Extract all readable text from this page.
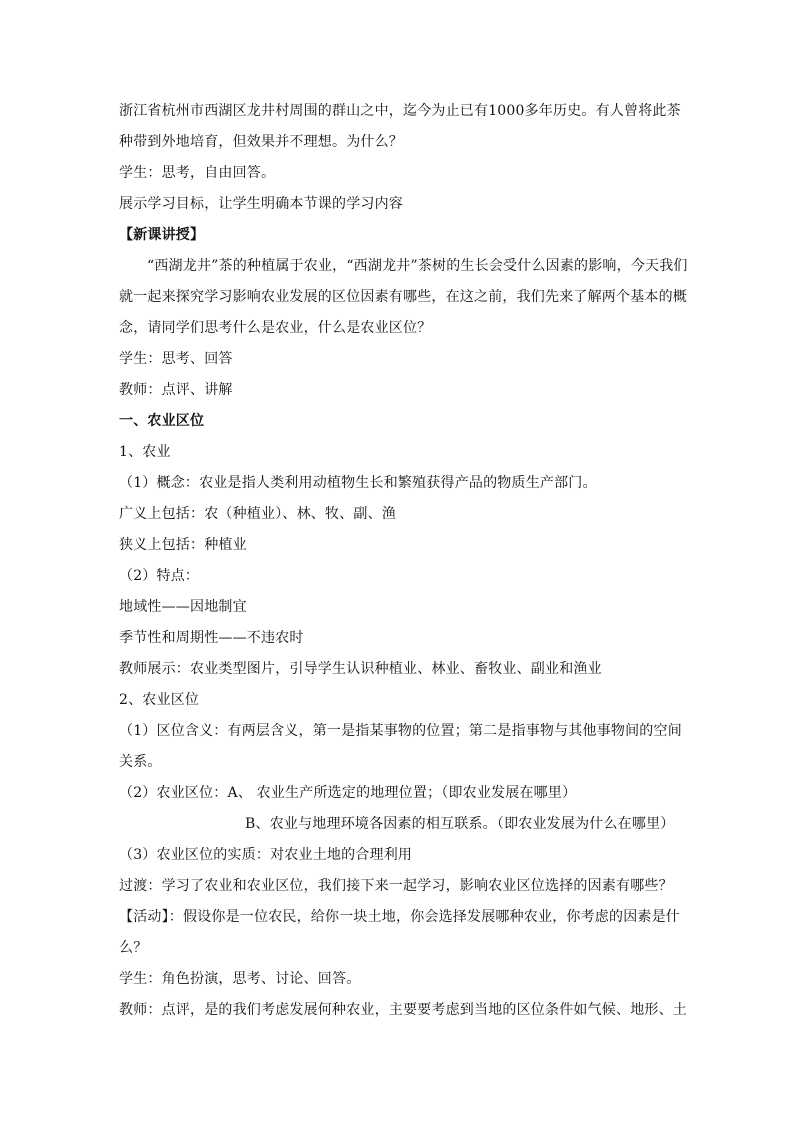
浙江省杭州市西湖区龙井村周围的群山之中，迄今为止已有1000多年历史。有人曾将此茶
种带到外地培育，但效果并不理想。为什么？
学生：思考，自由回答。
展示学习目标，让学生明确本节课的学习内容
【新课讲授】
“西湖龙井”茶的种植属于农业，“西湖龙井”茶树的生长会受什么因素的影响，今天我们
就一起来探究学习影响农业发展的区位因素有哪些，在这之前，我们先来了解两个基本的概
念，请同学们思考什么是农业，什么是农业区位？
学生：思考、回答
教师：点评、讲解
一、农业区位
1、农业
（1）概念：农业是指人类利用动植物生长和繁殖获得产品的物质生产部门。
广义上包括：农（种植业）、林、牧、副、渔
狭义上包括：种植业
（2）特点：
地域性——因地制宜
季节性和周期性——不违农时
教师展示：农业类型图片，引导学生认识种植业、林业、畜牧业、副业和渔业
2、农业区位
（1）区位含义：有两层含义，第一是指某事物的位置；第二是指事物与其他事物间的空间
关系。
（2）农业区位：A、 农业生产所选定的地理位置；（即农业发展在哪里）
B、农业与地理环境各因素的相互联系。（即农业发展为什么在哪里）
（3）农业区位的实质：对农业土地的合理利用
过渡：学习了农业和农业区位，我们接下来一起学习，影响农业区位选择的因素有哪些？
【活动】：假设你是一位农民，给你一块土地，你会选择发展哪种农业，你考虑的因素是什
么？
学生：角色扮演，思考、讨论、回答。
教师：点评，是的我们考虑发展何种农业，主要要考虑到当地的区位条件如气候、地形、土
